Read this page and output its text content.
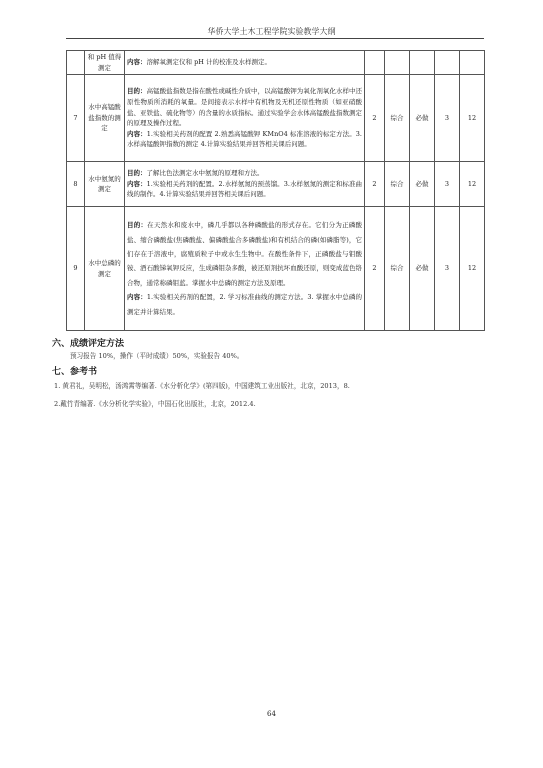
华侨大学土木工程学院实验教学大纲
	和 pH 值得测定	内容：溶解氧测定仪和 pH 计的校准及水样测定。					
7	水中高锰酸盐指数的测定	目的：高锰酸盐指数是指在酸性或碱性介质中，以高锰酸钾为氧化剂氧化水样中还原性物质所消耗的氧量。是间接表示水样中有机物及无机还原性物质（如亚硝酸盐、亚铁盐、硫化物等）的含量的水质指标。通过实验学会水体高锰酸盐指数测定的原理及操作过程。
内容：1.实验相关药剂的配置 2.熟悉高锰酸钾 KMnO4 标准溶液的标定方法。3.水样高锰酸钾指数的测定 4.计算实验结果并回答相关课后问题。	2	综合	必做	3	12
8	水中氨氮的测定	目的：了解比色法测定水中氨氮的原理和方法。
内容：1.实验相关药剂的配置。2.水样氨氮的预蒸馏。3.水样氨氮的测定和标准曲线的制作。4.计算实验结果并回答相关课后问题。	2	综合	必做	3	12
9	水中总磷的测定	目的：在天然水和废水中，磷几乎都以各种磷酸盐的形式存在。它们分为正磷酸盐、缩合磷酸盐(焦磷酸盐、偏磷酸盐合多磷酸盐)和有机结合的磷(如磷脂等)，它们存在于溶液中，腐殖质粒子中或水生生物中。在酸性条件下，正磷酸盐与钼酸铵、酒石酸锑氧钾反应，生成磷钼杂多酸，被还原剂抗坏血酸还原，则变成蓝色络合物，通常称磷钼蓝。掌握水中总磷的测定方法及原理。
内容：1.实验相关药剂的配置，2. 学习标准曲线的测定方法。3. 掌握水中总磷的测定并计算结果。	2	综合	必做	3	12
六、成绩评定方法
预习报告 10%，操作（平时成绩）50%，实验报告 40%。
七、参考书
1. 黄君礼，吴明松，汤鸿霄等编著.《水分析化学》(第四版)，中国建筑工业出版社，北京，2013，8.
2.戴竹青编著.《水分析化学实验》，中国石化出版社，北京，2012.4.
64
